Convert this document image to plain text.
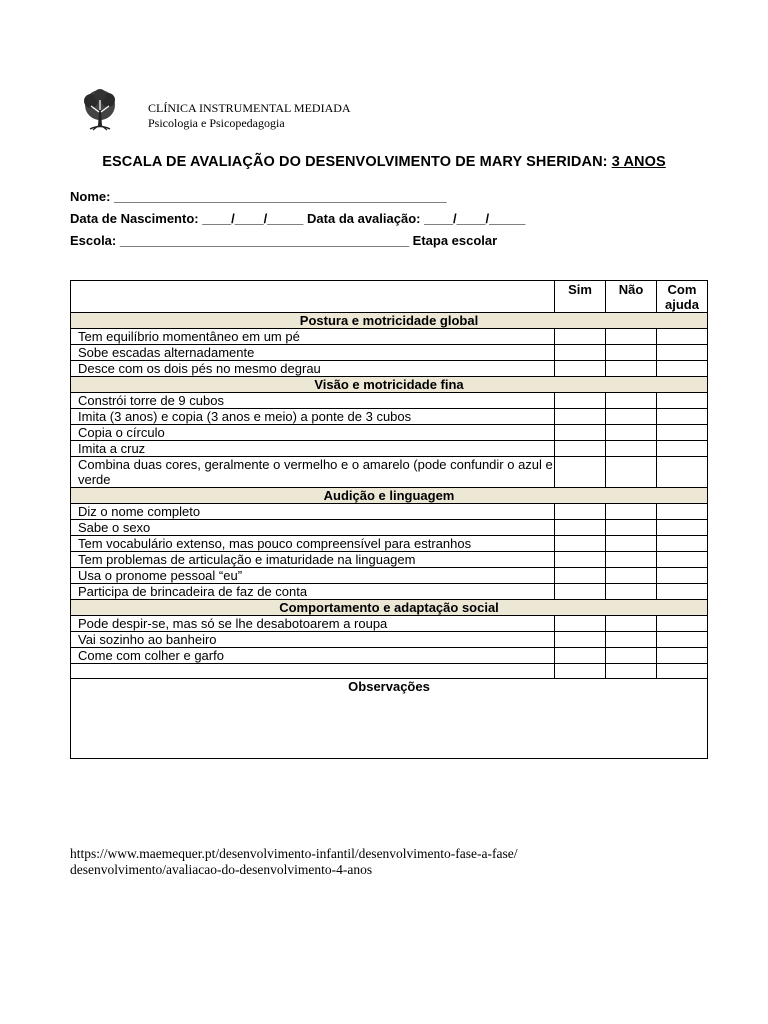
CLÍNICA INSTRUMENTAL MEDIADA
Psicologia e Psicopedagogia
ESCALA DE AVALIAÇÃO DO DESENVOLVIMENTO DE MARY SHERIDAN: 3 ANOS
Nome: ______________________________________________
Data de Nascimento: ____/____/_____ Data da avaliação: ____/____/_____
Escola: ________________________________________ Etapa escolar
	Sim	Não	Com ajuda
Postura e motricidade global			
Tem equilíbrio momentâneo em um pé			
Sobe escadas alternadamente			
Desce com os dois pés no mesmo degrau			
Visão e motricidade fina			
Constrói torre de 9 cubos			
Imita (3 anos) e copia (3 anos e meio) a ponte de 3 cubos			
Copia o círculo			
Imita a cruz			
Combina duas cores, geralmente o vermelho e o amarelo (pode confundir o azul e verde			
Audição e linguagem			
Diz o nome completo			
Sabe o sexo			
Tem vocabulário extenso, mas pouco compreensível para estranhos			
Tem problemas de articulação e imaturidade na linguagem			
Usa o pronome pessoal “eu”			
Participa de brincadeira de faz de conta			
Comportamento e adaptação social			
Pode despir-se, mas só se lhe desabotoarem a roupa			
Vai sozinho ao banheiro			
Come com colher e garfo			

Observações			
https://www.maemequer.pt/desenvolvimento-infantil/desenvolvimento-fase-a-fase/
desenvolvimento/avaliacao-do-desenvolvimento-4-anos
